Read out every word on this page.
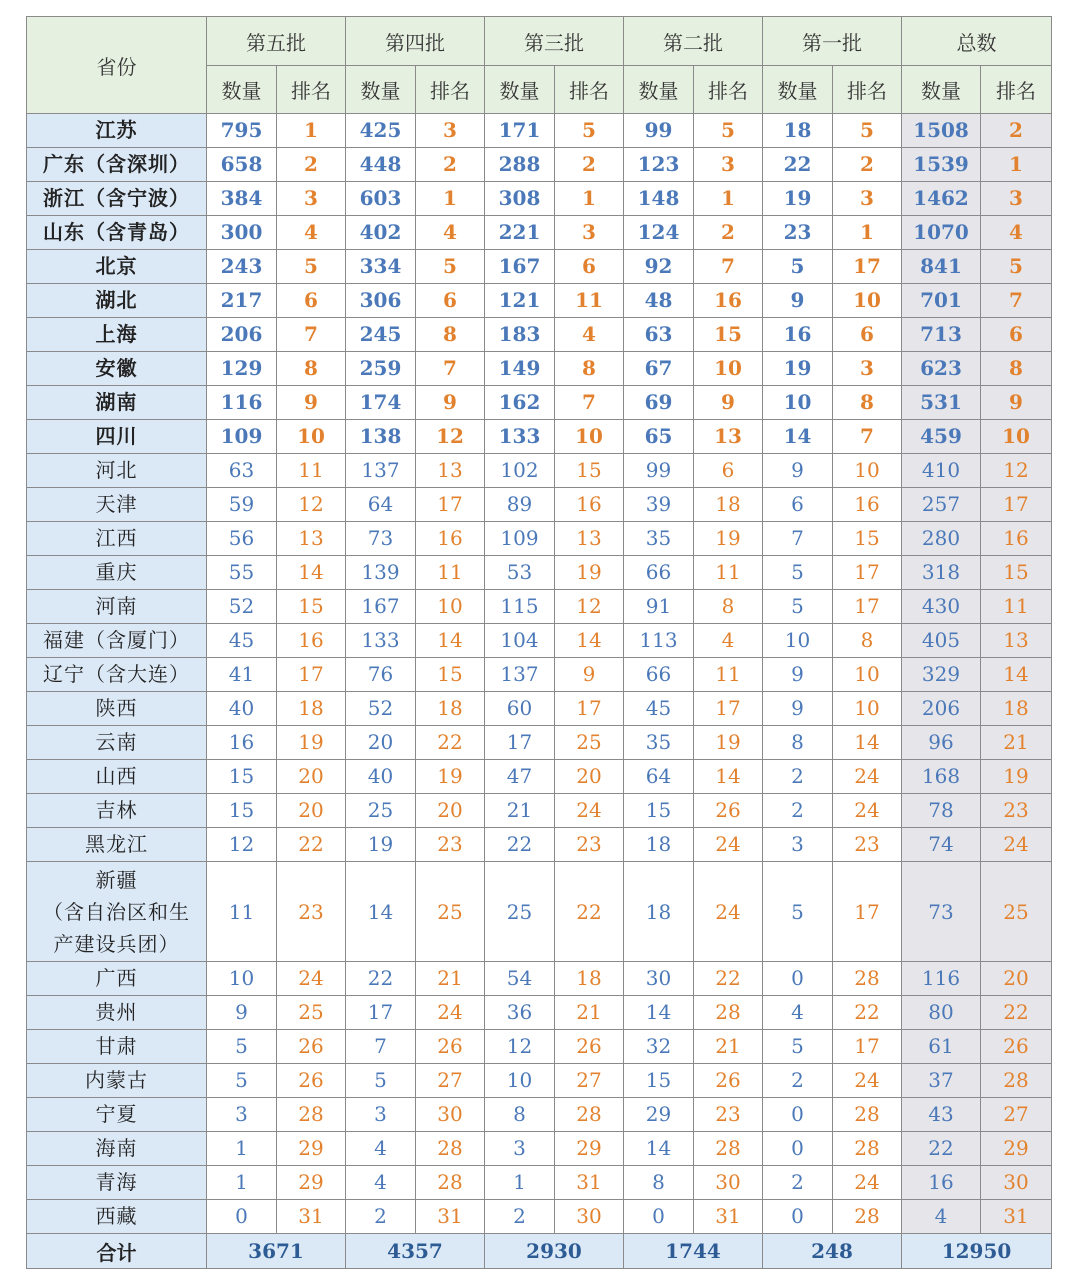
省份	第五批		第四批		第三批		第二批		第一批		总数	
	数量	排名	数量	排名	数量	排名	数量	排名	数量	排名	数量	排名

江苏	795	1	425	3	171	5	99	5	18	5	1508	2

广东（含深圳）	658	2	448	2	288	2	123	3	22	2	1539	1

浙江（含宁波）	384	3	603	1	308	1	148	1	19	3	1462	3

山东（含青岛）	300	4	402	4	221	3	124	2	23	1	1070	4

北京	243	5	334	5	167	6	92	7	5	17	841	5

湖北	217	6	306	6	121	11	48	16	9	10	701	7

上海	206	7	245	8	183	4	63	15	16	6	713	6

安徽	129	8	259	7	149	8	67	10	19	3	623	8

湖南	116	9	174	9	162	7	69	9	10	8	531	9

四川	109	10	138	12	133	10	65	13	14	7	459	10

河北	63	11	137	13	102	15	99	6	9	10	410	12

天津	59	12	64	17	89	16	39	18	6	16	257	17

江西	56	13	73	16	109	13	35	19	7	15	280	16

重庆	55	14	139	11	53	19	66	11	5	17	318	15

河南	52	15	167	10	115	12	91	8	5	17	430	11

福建（含厦门）	45	16	133	14	104	14	113	4	10	8	405	13

辽宁（含大连）	41	17	76	15	137	9	66	11	9	10	329	14

陕西	40	18	52	18	60	17	45	17	9	10	206	18

云南	16	19	20	22	17	25	35	19	8	14	96	21

山西	15	20	40	19	47	20	64	14	2	24	168	19

吉林	15	20	25	20	21	24	15	26	2	24	78	23

黑龙江	12	22	19	23	22	23	18	24	3	23	74	24

新疆
（含自治区和生
产建设兵团）	11	23	14	25	25	22	18	24	5	17	73	25

广西	10	24	22	21	54	18	30	22	0	28	116	20

贵州	9	25	17	24	36	21	14	28	4	22	80	22

甘肃	5	26	7	26	12	26	32	21	5	17	61	26

内蒙古	5	26	5	27	10	27	15	26	2	24	37	28

宁夏	3	28	3	30	8	28	29	23	0	28	43	27

海南	1	29	4	28	3	29	14	28	0	28	22	29

青海	1	29	4	28	1	31	8	30	2	24	16	30

西藏	0	31	2	31	2	30	0	31	0	28	4	31
合计	3671		4357		2930		1744		248		12950	
